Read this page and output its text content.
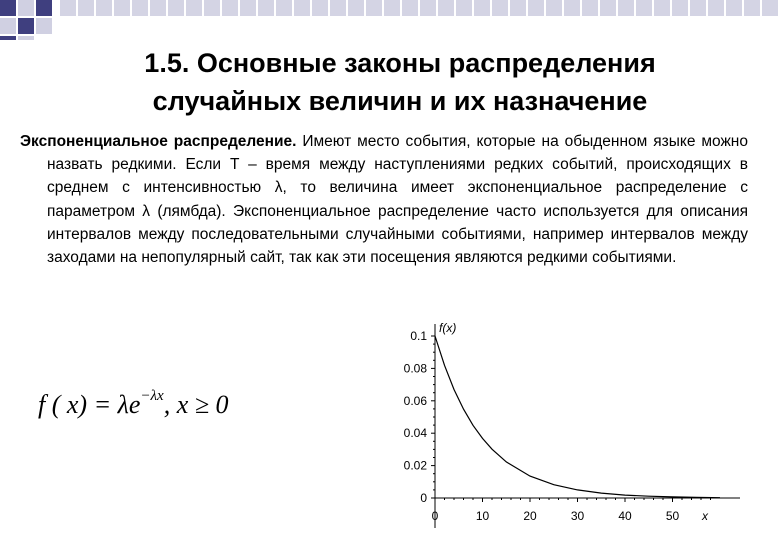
1.5. Основные законы распределения случайных величин и их назначение

Экспоненциальное распределение. Имеют место события, которые на обыденном языке можно назвать редкими. Если T – время между наступлениями редких событий, происходящих в среднем с интенсивностью λ, то величина имеет экспоненциальное распределение с параметром λ (лямбда). Экспоненциальное распределение часто используется для описания интервалов между последовательными случайными событиями, например интервалов между заходами на непопулярный сайт, так как эти посещения являются редкими событиями.

f ( $x) = \lambda e^{-\lambda x}$, x ≥ 0
0
0.02
0.04
0.06
0.08
0.1
0	10	20	30	40	50
f(x)
x
